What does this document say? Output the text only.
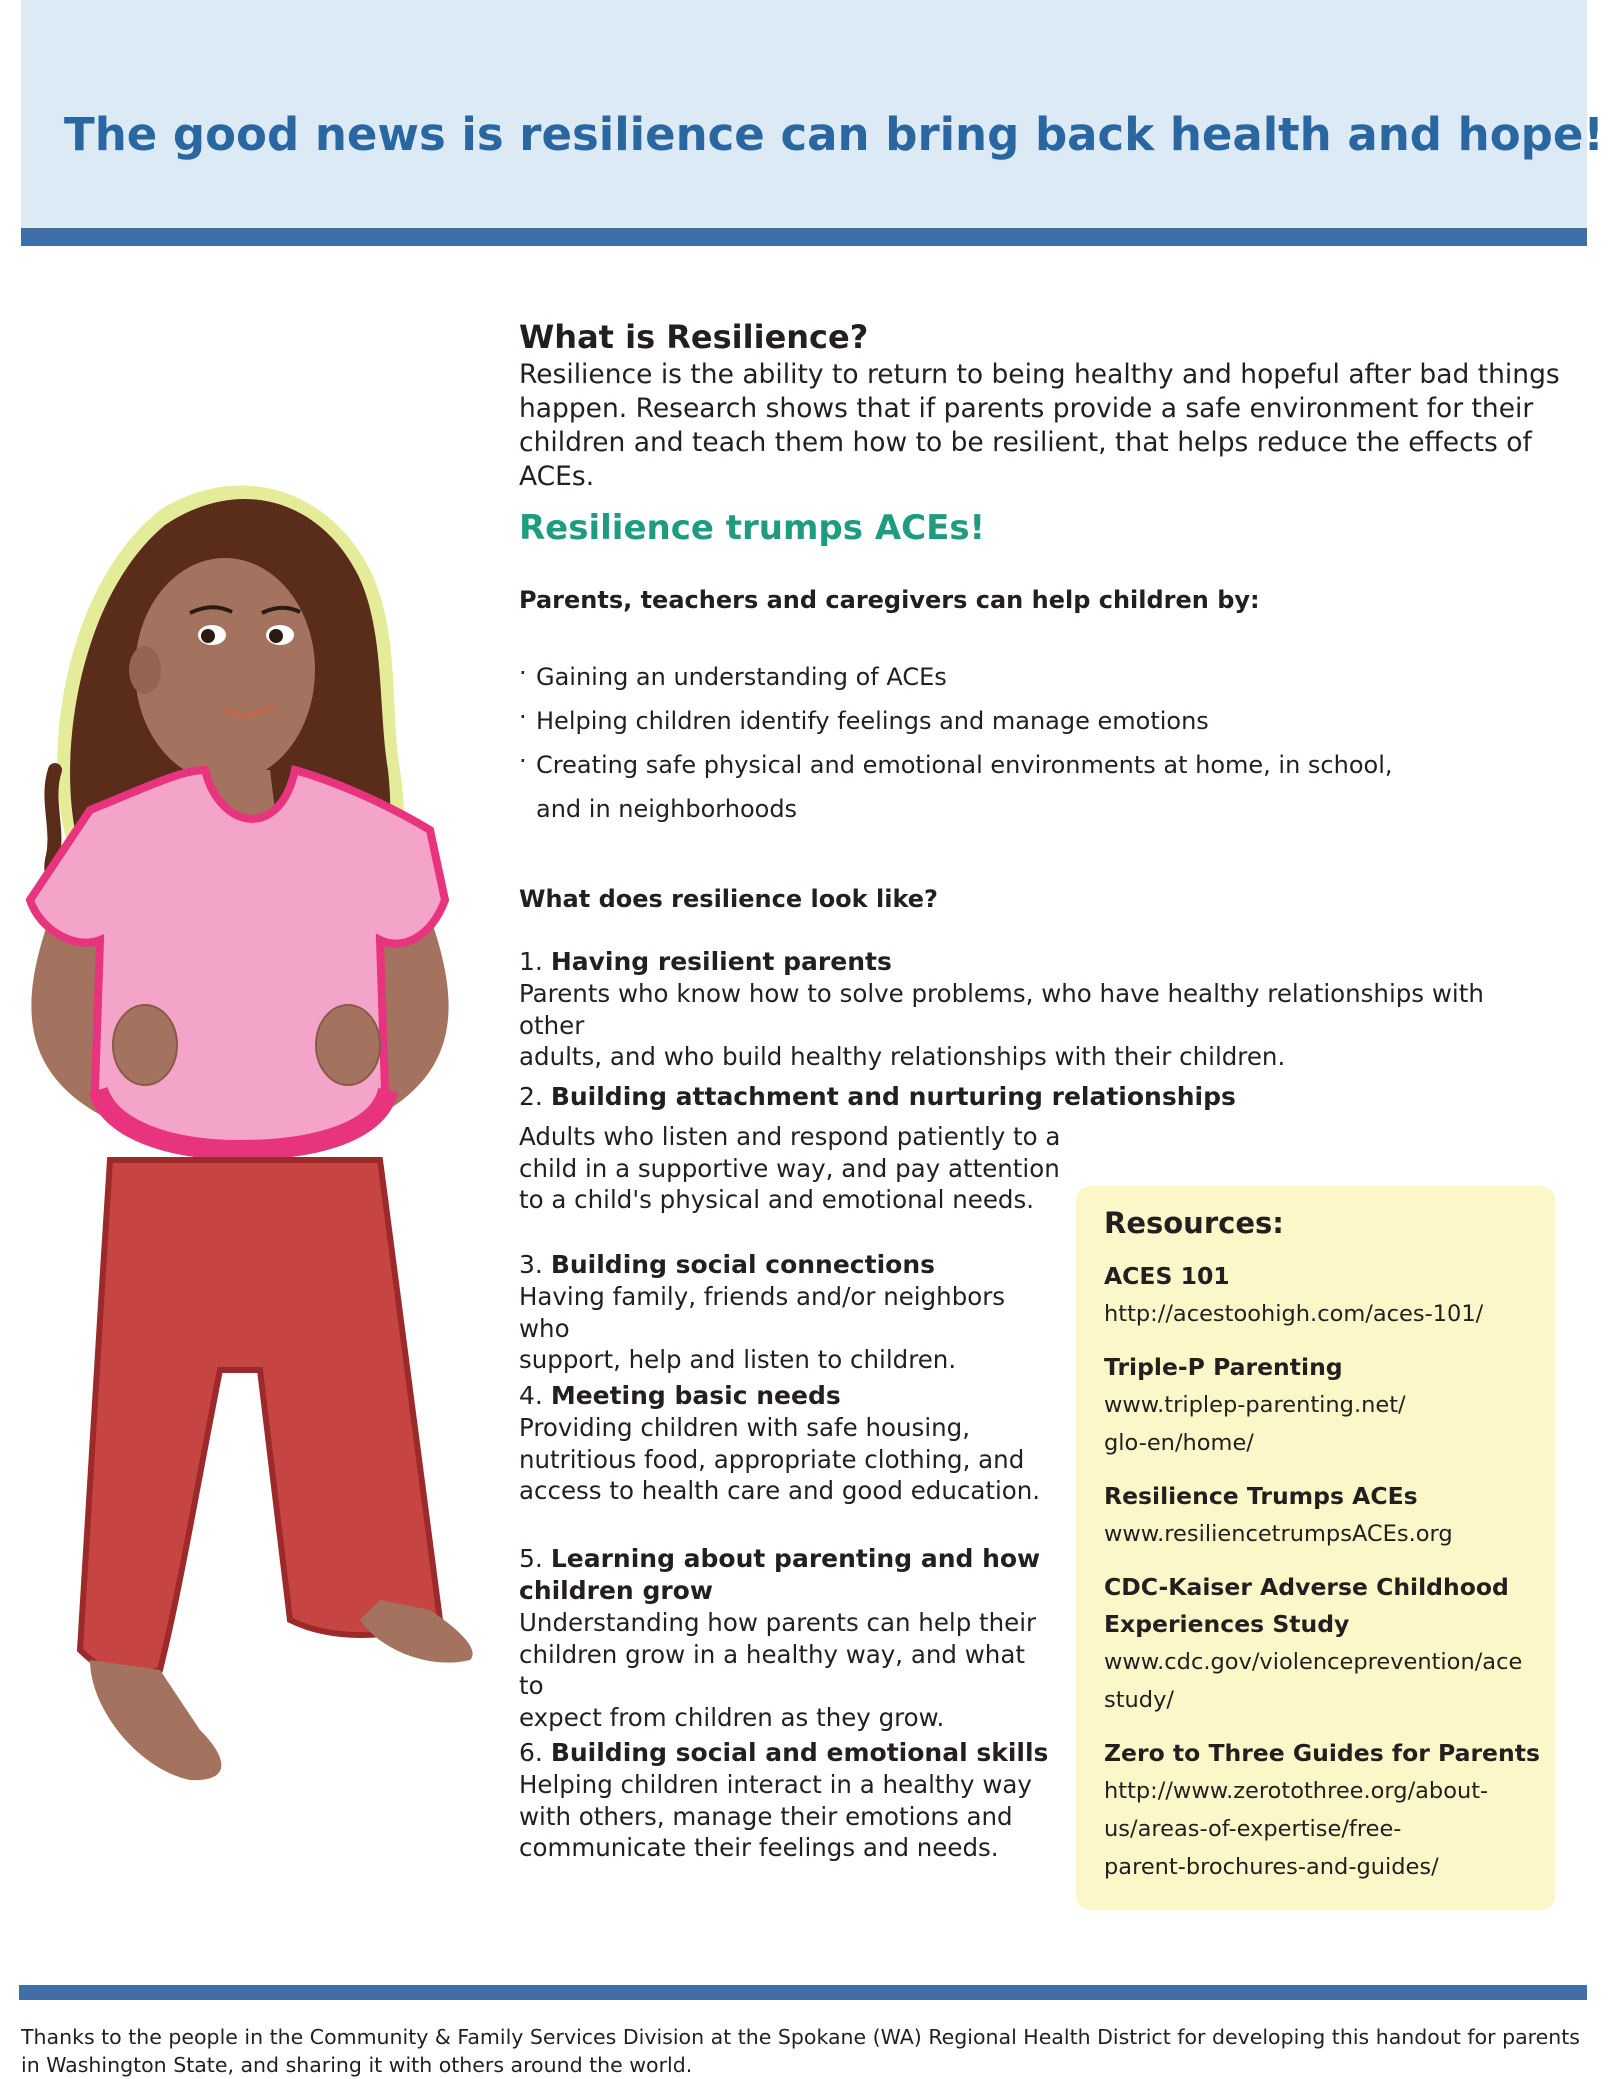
The good news is resilience can bring back health and hope!
What is Resilience?

Resilience is the ability to return to being healthy and hopeful after bad things

happen. Research shows that if parents provide a safe environment for their

children and teach them how to be resilient, that helps reduce the effects of ACEs.

Resilience trumps ACEs!

Parents, teachers and caregivers can help children by:

· Gaining an understanding of ACEs
· Helping children identify feelings and manage emotions
· Creating safe physical and emotional environments at home, in school,
and in neighborhoods

What does resilience look like?

1. Having resilient parents

Parents who know how to solve problems, who have healthy relationships with other

adults, and who build healthy relationships with their children.

2. Building attachment and nurturing relationships

Adults who listen and respond patiently to a

child in a supportive way, and pay attention

to a child's physical and emotional needs.

3. Building social connections

Having family, friends and/or neighbors who

support, help and listen to children.

4. Meeting basic needs

Providing children with safe housing,

nutritious food, appropriate clothing, and

access to health care and good education.

5. Learning about parenting and how

children grow

Understanding how parents can help their

children grow in a healthy way, and what to

expect from children as they grow.

6. Building social and emotional skills

Helping children interact in a healthy way

with others, manage their emotions and

communicate their feelings and needs.

Resources:
ACES 101
http://acestoohigh.com/aces-101/
Triple-P Parenting
www.triplep-parenting.net/
glo-en/home/
Resilience Trumps ACEs
www.resiliencetrumpsACEs.org
CDC-Kaiser Adverse Childhood
Experiences Study
www.cdc.gov/violenceprevention/ace
study/
Zero to Three Guides for Parents
http://www.zerotothree.org/about-
us/areas-of-expertise/free-
parent-brochures-and-guides/

Thanks to the people in the Community & Family Services Division at the Spokane (WA) Regional Health District for developing this handout for parents
in Washington State, and sharing it with others around the world.
